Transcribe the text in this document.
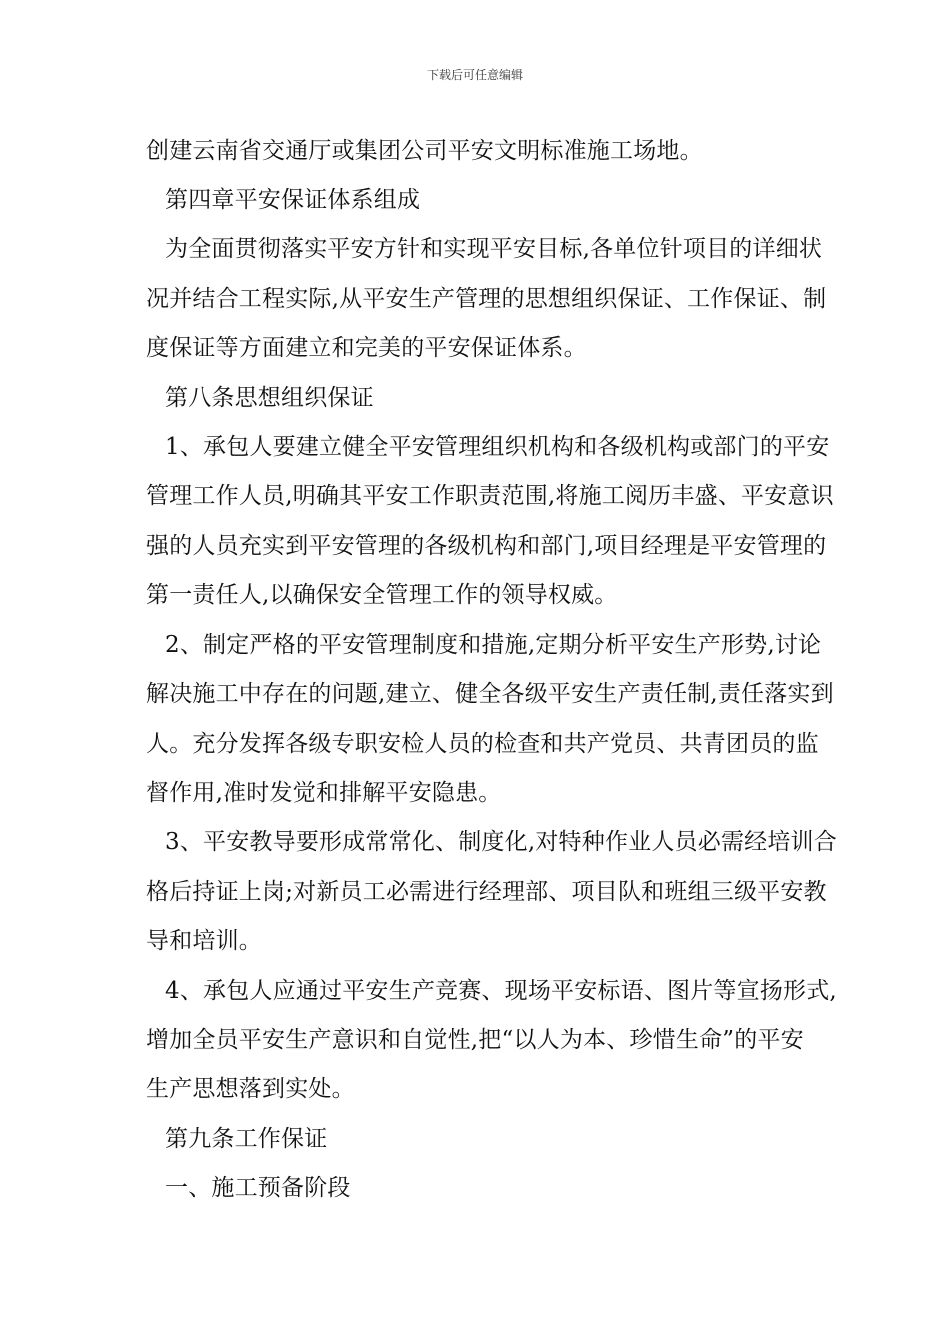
下载后可任意编辑
创建云南省交通厅或集团公司平安文明标准施工场地。
第四章平安保证体系组成
为全面贯彻落实平安方针和实现平安目标,各单位针项目的详细状
况并结合工程实际,从平安生产管理的思想组织保证、工作保证、制
度保证等方面建立和完美的平安保证体系。
第八条思想组织保证
1、承包人要建立健全平安管理组织机构和各级机构或部门的平安
管理工作人员,明确其平安工作职责范围,将施工阅历丰盛、平安意识
强的人员充实到平安管理的各级机构和部门,项目经理是平安管理的
第一责任人,以确保安全管理工作的领导权威。
2、制定严格的平安管理制度和措施,定期分析平安生产形势,讨论
解决施工中存在的问题,建立、健全各级平安生产责任制,责任落实到
人。充分发挥各级专职安检人员的检查和共产党员、共青团员的监
督作用,准时发觉和排解平安隐患。
3、平安教导要形成常常化、制度化,对特种作业人员必需经培训合
格后持证上岗;对新员工必需进行经理部、项目队和班组三级平安教
导和培训。
4、承包人应通过平安生产竞赛、现场平安标语、图片等宣扬形式,
增加全员平安生产意识和自觉性,把“以人为本、珍惜生命”的平安
生产思想落到实处。
第九条工作保证
一、施工预备阶段
